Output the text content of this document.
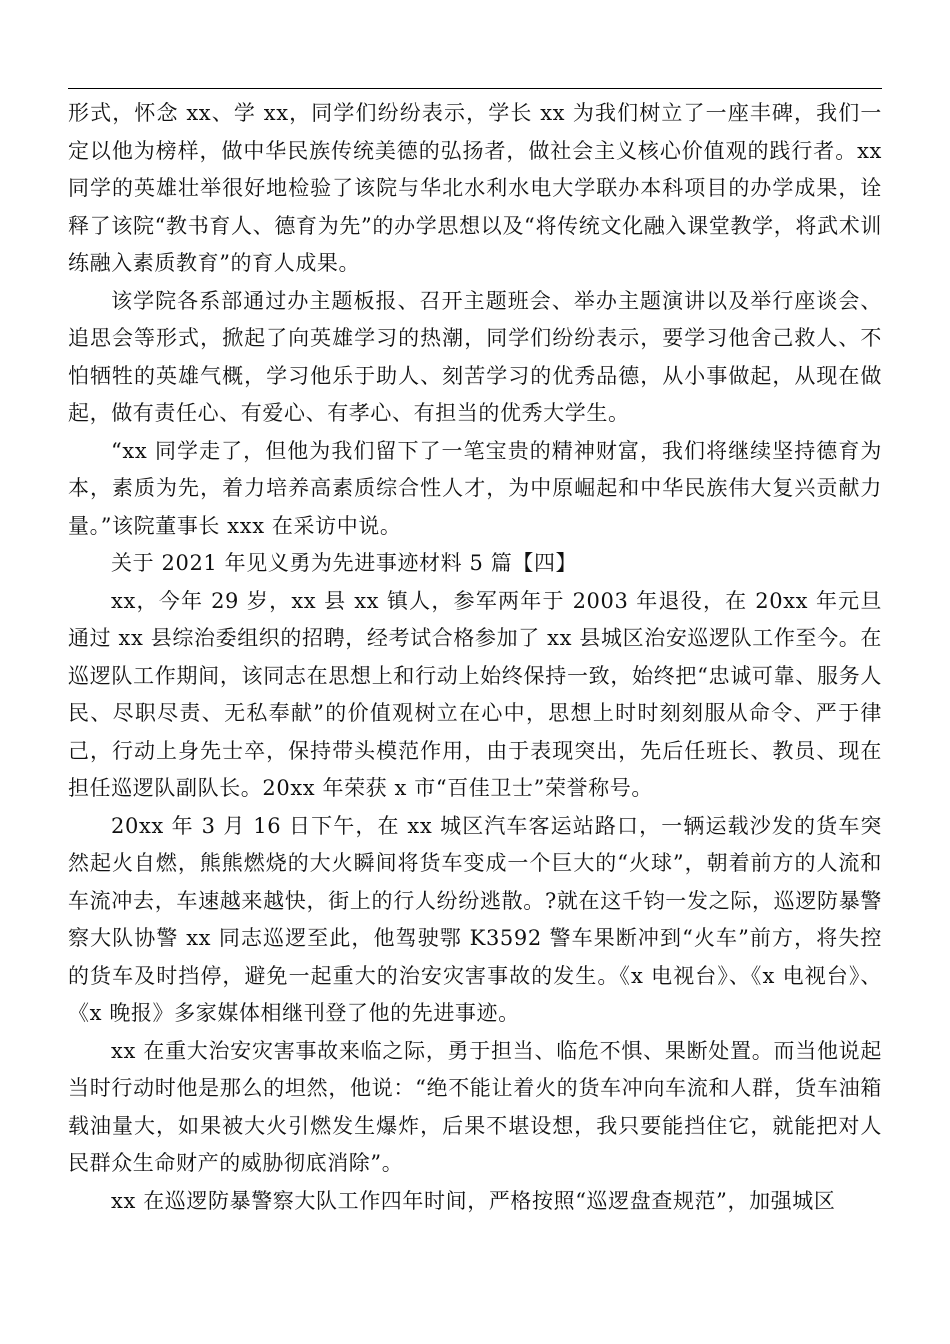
形式，怀念 xx、学 xx，同学们纷纷表示，学长 xx 为我们树立了一座丰碑，我们一定以他为榜样，做中华民族传统美德的弘扬者，做社会主义核心价值观的践行者。xx 同学的英雄壮举很好地检验了该院与华北水利水电大学联办本科项目的办学成果，诠释了该院“教书育人、德育为先”的办学思想以及“将传统文化融入课堂教学，将武术训练融入素质教育”的育人成果。

该学院各系部通过办主题板报、召开主题班会、举办主题演讲以及举行座谈会、追思会等形式，掀起了向英雄学习的热潮，同学们纷纷表示，要学习他舍己救人、不怕牺牲的英雄气概，学习他乐于助人、刻苦学习的优秀品德，从小事做起，从现在做起，做有责任心、有爱心、有孝心、有担当的优秀大学生。

“xx 同学走了，但他为我们留下了一笔宝贵的精神财富，我们将继续坚持德育为本，素质为先，着力培养高素质综合性人才，为中原崛起和中华民族伟大复兴贡献力量。”该院董事长 xxx 在采访中说。

关于 2021 年见义勇为先进事迹材料 5 篇【四】

xx，今年 29 岁，xx 县 xx 镇人，参军两年于 2003 年退役，在 20xx 年元旦通过 xx 县综治委组织的招聘，经考试合格参加了 xx 县城区治安巡逻队工作至今。在巡逻队工作期间，该同志在思想上和行动上始终保持一致，始终把“忠诚可靠、服务人民、尽职尽责、无私奉献”的价值观树立在心中，思想上时时刻刻服从命令、严于律己，行动上身先士卒，保持带头模范作用，由于表现突出，先后任班长、教员、现在担任巡逻队副队长。20xx 年荣获 x 市“百佳卫士”荣誉称号。

20xx 年 3 月 16 日下午，在 xx 城区汽车客运站路口，一辆运载沙发的货车突然起火自燃，熊熊燃烧的大火瞬间将货车变成一个巨大的“火球”，朝着前方的人流和车流冲去，车速越来越快，街上的行人纷纷逃散。?就在这千钧一发之际，巡逻防暴警察大队协警 xx 同志巡逻至此，他驾驶鄂 K3592 警车果断冲到“火车”前方，将失控的货车及时挡停，避免一起重大的治安灾害事故的发生。《x 电视台》、《x 电视台》、《x 晚报》多家媒体相继刊登了他的先进事迹。

xx 在重大治安灾害事故来临之际，勇于担当、临危不惧、果断处置。而当他说起当时行动时他是那么的坦然，他说：“绝不能让着火的货车冲向车流和人群，货车油箱载油量大，如果被大火引燃发生爆炸，后果不堪设想，我只要能挡住它，就能把对人民群众生命财产的威胁彻底消除”。

xx 在巡逻防暴警察大队工作四年时间，严格按照“巡逻盘查规范”，加强城区
